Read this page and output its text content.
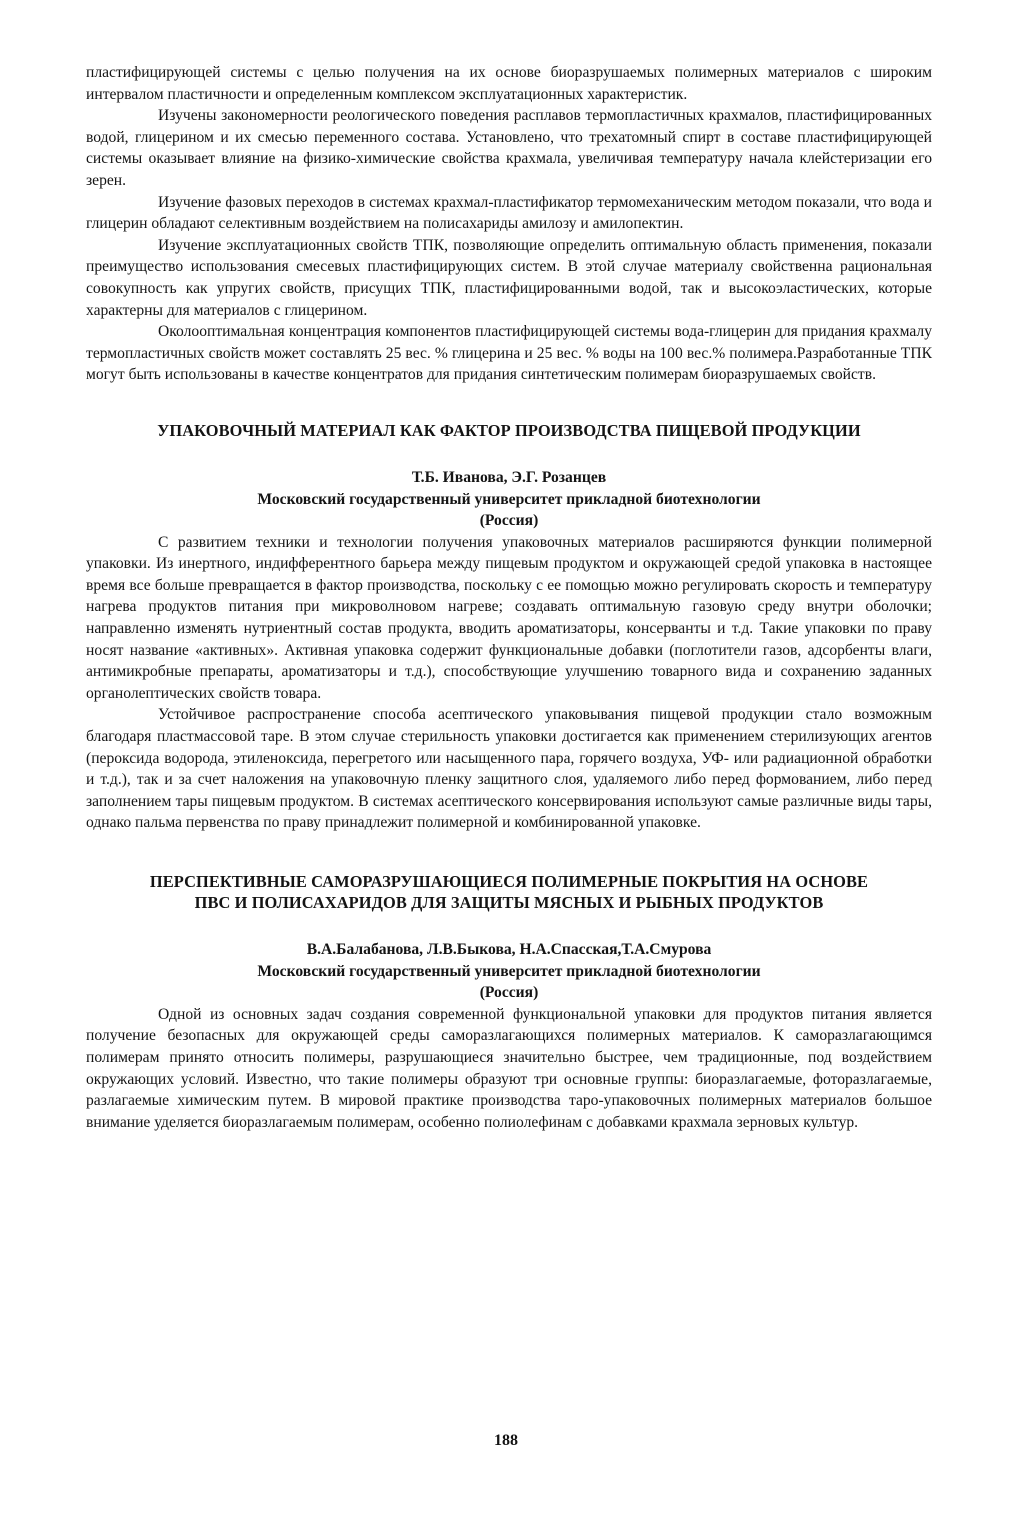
пластифицирующей системы с целью получения на их основе биоразрушаемых полимерных материалов с широким интервалом пластичности и определенным комплексом эксплуатационных характеристик.

Изучены закономерности реологического поведения расплавов термопластичных крахмалов, пластифицированных водой, глицерином и их смесью переменного состава. Установлено, что трехатомный спирт в составе пластифицирующей системы оказывает влияние на физико-химические свойства крахмала, увеличивая температуру начала клейстеризации его зерен.

Изучение фазовых переходов в системах крахмал-пластификатор термомеханическим методом показали, что вода и глицерин обладают селективным воздействием на полисахариды амилозу и амилопектин.

Изучение эксплуатационных свойств ТПК, позволяющие определить оптимальную область применения, показали преимущество использования смесевых пластифицирующих систем. В этой случае материалу свойственна рациональная совокупность как упругих свойств, присущих ТПК, пластифицированными водой, так и высокоэластических, которые характерны для материалов с глицерином.

Околооптимальная концентрация компонентов пластифицирующей системы вода-глицерин для придания крахмалу термопластичных свойств может составлять 25 вес. % глицерина и 25 вес. % воды на 100 вес.% полимера.Разработанные ТПК могут быть использованы в качестве концентратов для придания синтетическим полимерам биоразрушаемых свойств.

УПАКОВОЧНЫЙ МАТЕРИАЛ КАК ФАКТОР ПРОИЗВОДСТВА ПИЩЕВОЙ ПРОДУКЦИИ

Т.Б. Иванова, Э.Г. Розанцев

Московский государственный университет прикладной биотехнологии

(Россия)

С развитием техники и технологии получения упаковочных материалов расширяются функции полимерной упаковки. Из инертного, индифферентного барьера между пищевым продуктом и окружающей средой упаковка в настоящее время все больше превращается в фактор производства, поскольку с ее помощью можно регулировать скорость и температуру нагрева продуктов питания при микроволновом нагреве; создавать оптимальную газовую среду внутри оболочки; направленно изменять нутриентный состав продукта, вводить ароматизаторы, консерванты и т.д. Такие упаковки по праву носят название «активных». Активная упаковка содержит функциональные добавки (поглотители газов, адсорбенты влаги, антимикробные препараты, ароматизаторы и т.д.), способствующие улучшению товарного вида и сохранению заданных органолептических свойств товара.

Устойчивое распространение способа асептического упаковывания пищевой продукции стало возможным благодаря пластмассовой таре. В этом случае стерильность упаковки достигается как применением стерилизующих агентов (пероксида водорода, этиленоксида, перегретого или насыщенного пара, горячего воздуха, УФ- или радиационной обработки и т.д.), так и за счет наложения на упаковочную пленку защитного слоя, удаляемого либо перед формованием, либо перед заполнением тары пищевым продуктом. В системах асептического консервирования используют самые различные виды тары, однако пальма первенства по праву принадлежит полимерной и комбинированной упаковке.

ПЕРСПЕКТИВНЫЕ САМОРАЗРУШАЮЩИЕСЯ ПОЛИМЕРНЫЕ ПОКРЫТИЯ НА ОСНОВЕ
ПВС И ПОЛИСАХАРИДОВ ДЛЯ ЗАЩИТЫ МЯСНЫХ И РЫБНЫХ ПРОДУКТОВ

В.А.Балабанова, Л.В.Быкова, Н.А.Спасская,Т.А.Смурова

Московский государственный университет прикладной биотехнологии

(Россия)

Одной из основных задач создания современной функциональной упаковки для продуктов питания является получение безопасных для окружающей среды саморазлагающихся полимерных материалов. К саморазлагающимся полимерам принято относить полимеры, разрушающиеся значительно быстрее, чем традиционные, под воздействием окружающих условий. Известно, что такие полимеры образуют три основные группы: биоразлагаемые, фоторазлагаемые, разлагаемые химическим путем. В мировой практике производства таро-упаковочных полимерных материалов большое внимание уделяется биоразлагаемым полимерам, особенно полиолефинам с добавками крахмала зерновых культур.

188
